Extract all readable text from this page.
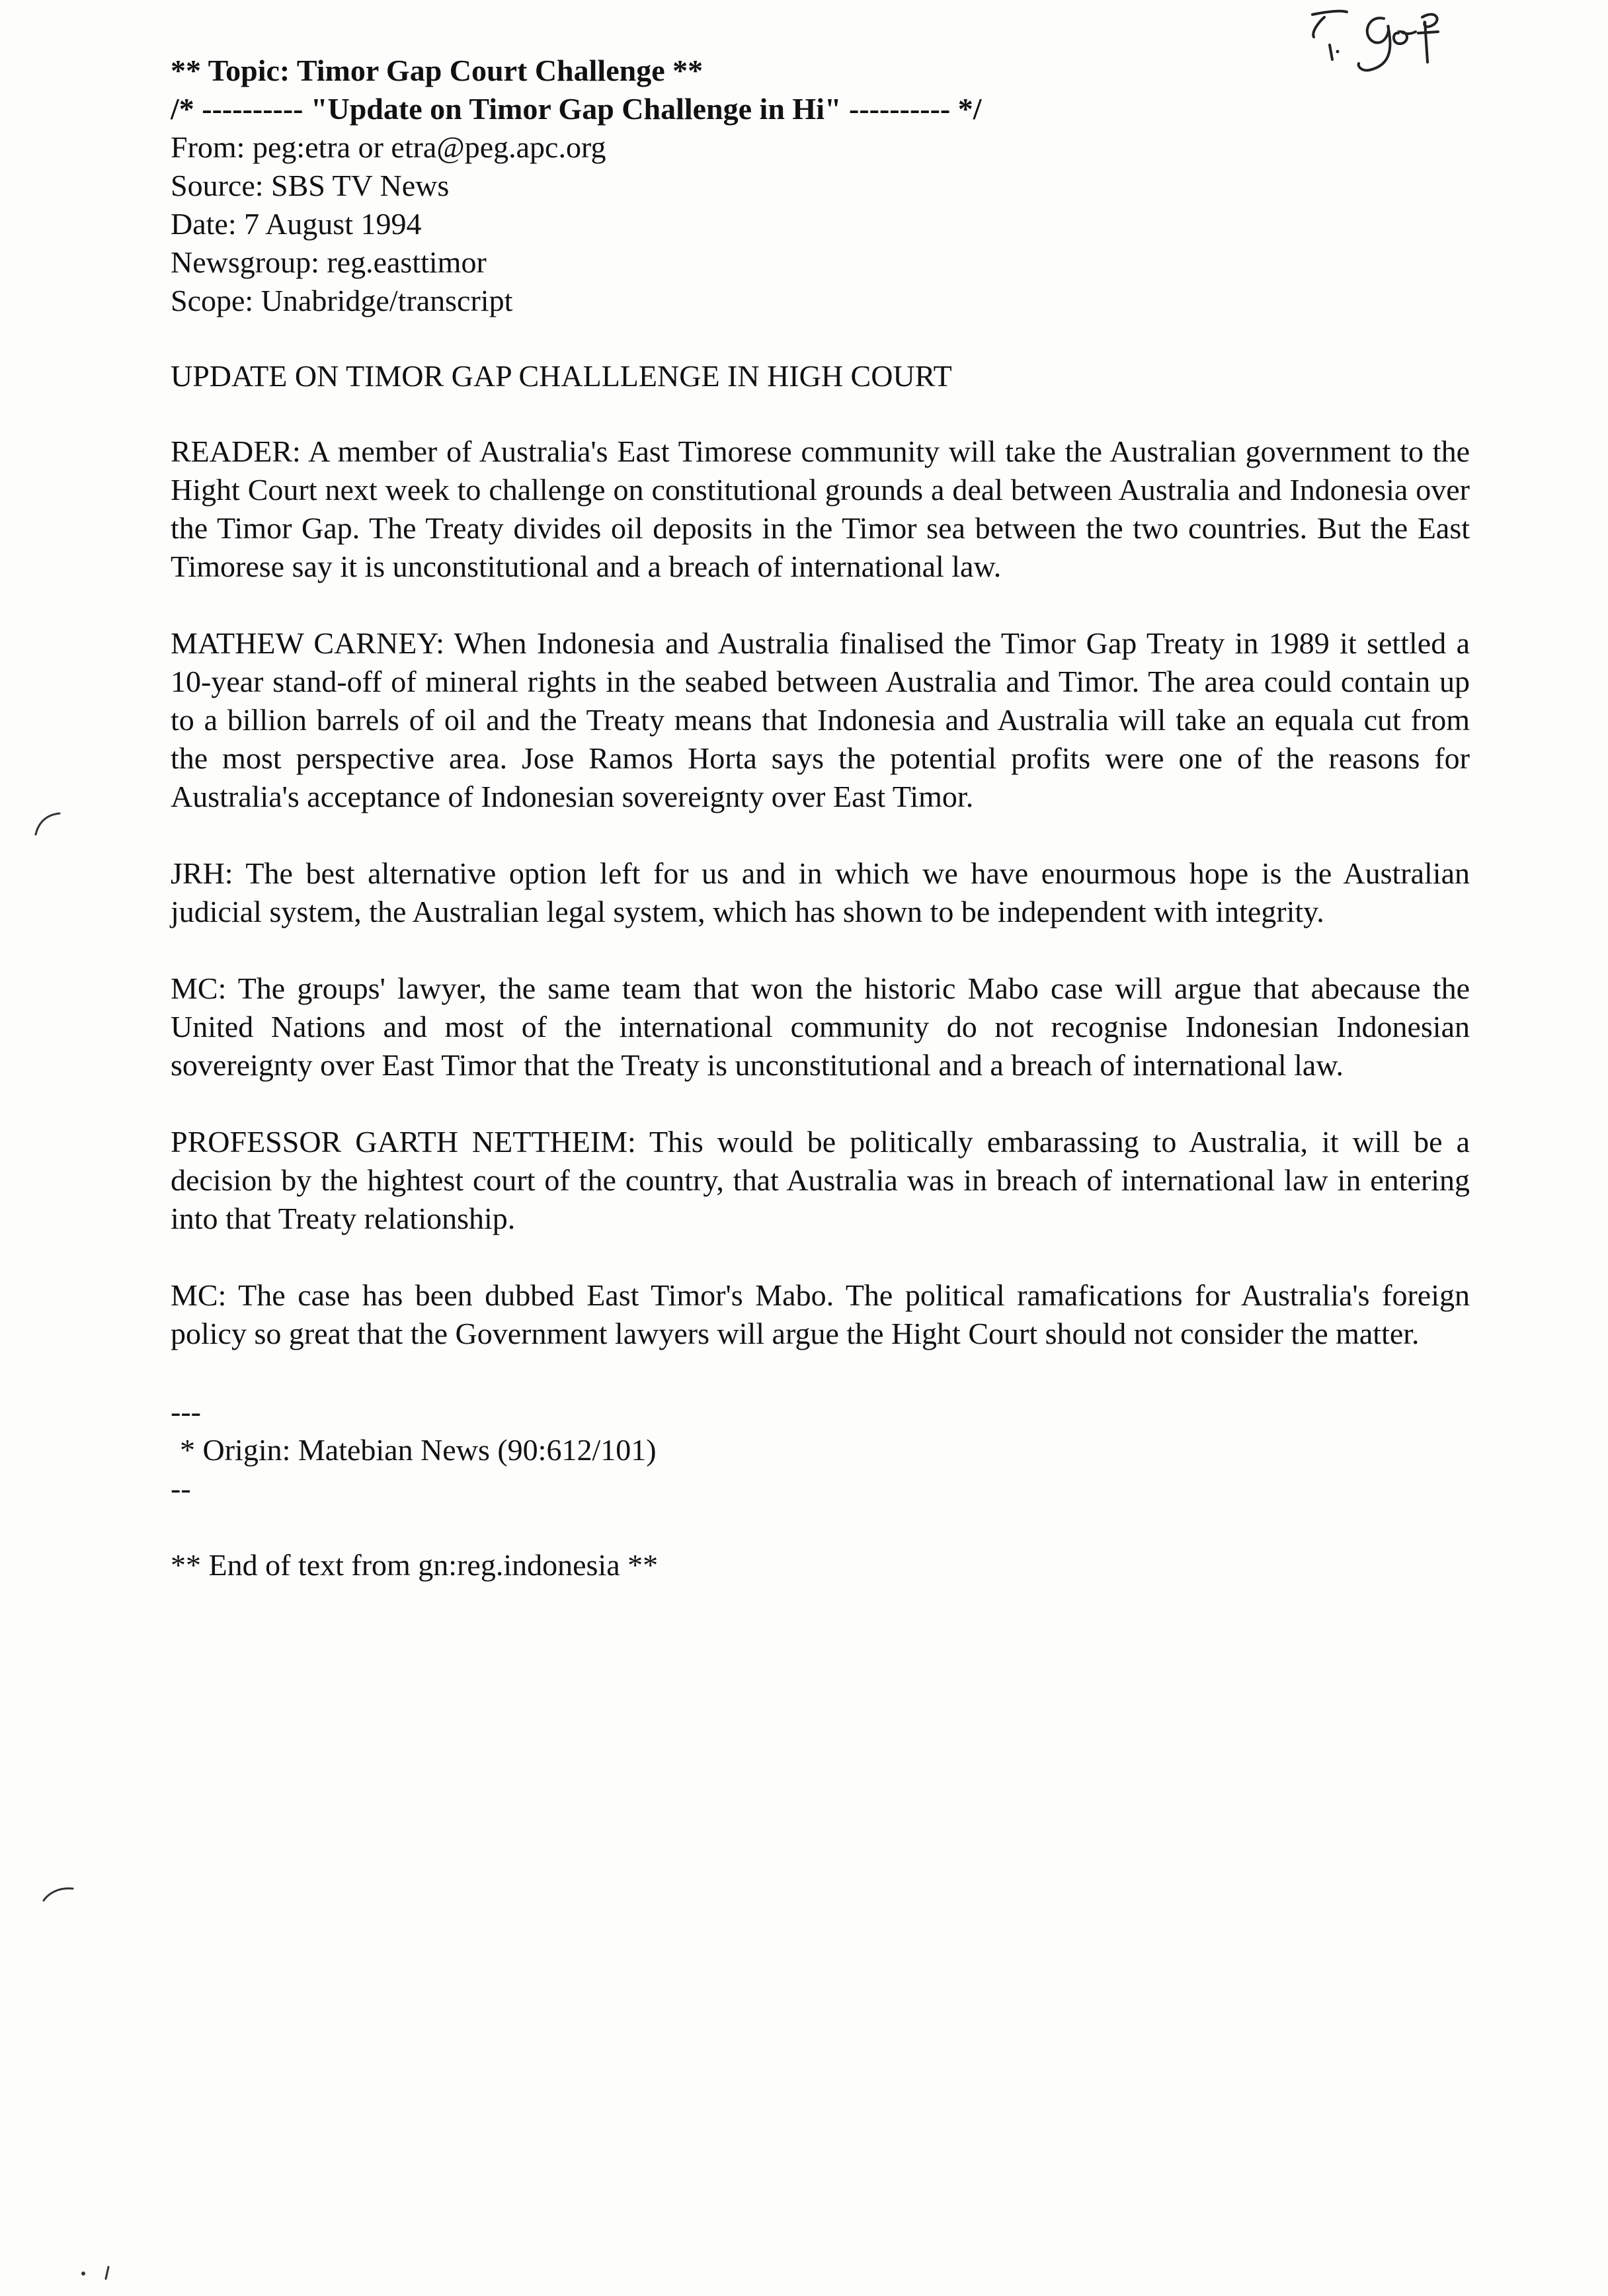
** Topic: Timor Gap Court Challenge **
/* ---------- "Update on Timor Gap Challenge in Hi" ---------- */
From: peg:etra or etra@peg.apc.org
Source: SBS TV News
Date: 7 August 1994
Newsgroup: reg.easttimor
Scope: Unabridge/transcript
UPDATE ON TIMOR GAP CHALLLENGE IN HIGH COURT

READER: A member of Australia's East Timorese community will take the Australian government to the Hight Court next week to challenge on constitutional grounds a deal between Australia and Indonesia over the Timor Gap. The Treaty divides oil deposits in the Timor sea between the two countries. But the East Timorese say it is unconstitutional and a breach of international law.

MATHEW CARNEY: When Indonesia and Australia finalised the Timor Gap Treaty in 1989 it settled a 10-year stand-off of mineral rights in the seabed between Australia and Timor. The area could contain up to a billion barrels of oil and the Treaty means that Indonesia and Australia will take an equala cut from the most perspective area. Jose Ramos Horta says the potential profits were one of the reasons for Australia's acceptance of Indonesian sovereignty over East Timor.

JRH: The best alternative option left for us and in which we have enourmous hope is the Australian judicial system, the Australian legal system, which has shown to be independent with integrity.

MC: The groups' lawyer, the same team that won the historic Mabo case will argue that abecause the United Nations and most of the international community do not recognise Indonesian Indonesian sovereignty over East Timor that the Treaty is unconstitutional and a breach of international law.

PROFESSOR GARTH NETTHEIM: This would be politically embarassing to Australia, it will be a decision by the hightest court of the country, that Australia was in breach of international law in entering into that Treaty relationship.

MC: The case has been dubbed East Timor's Mabo. The political ramafications for Australia's foreign policy so great that the Government lawyers will argue the Hight Court should not consider the matter.

---
* Origin: Matebian News (90:612/101)
--
** End of text from gn:reg.indonesia **
